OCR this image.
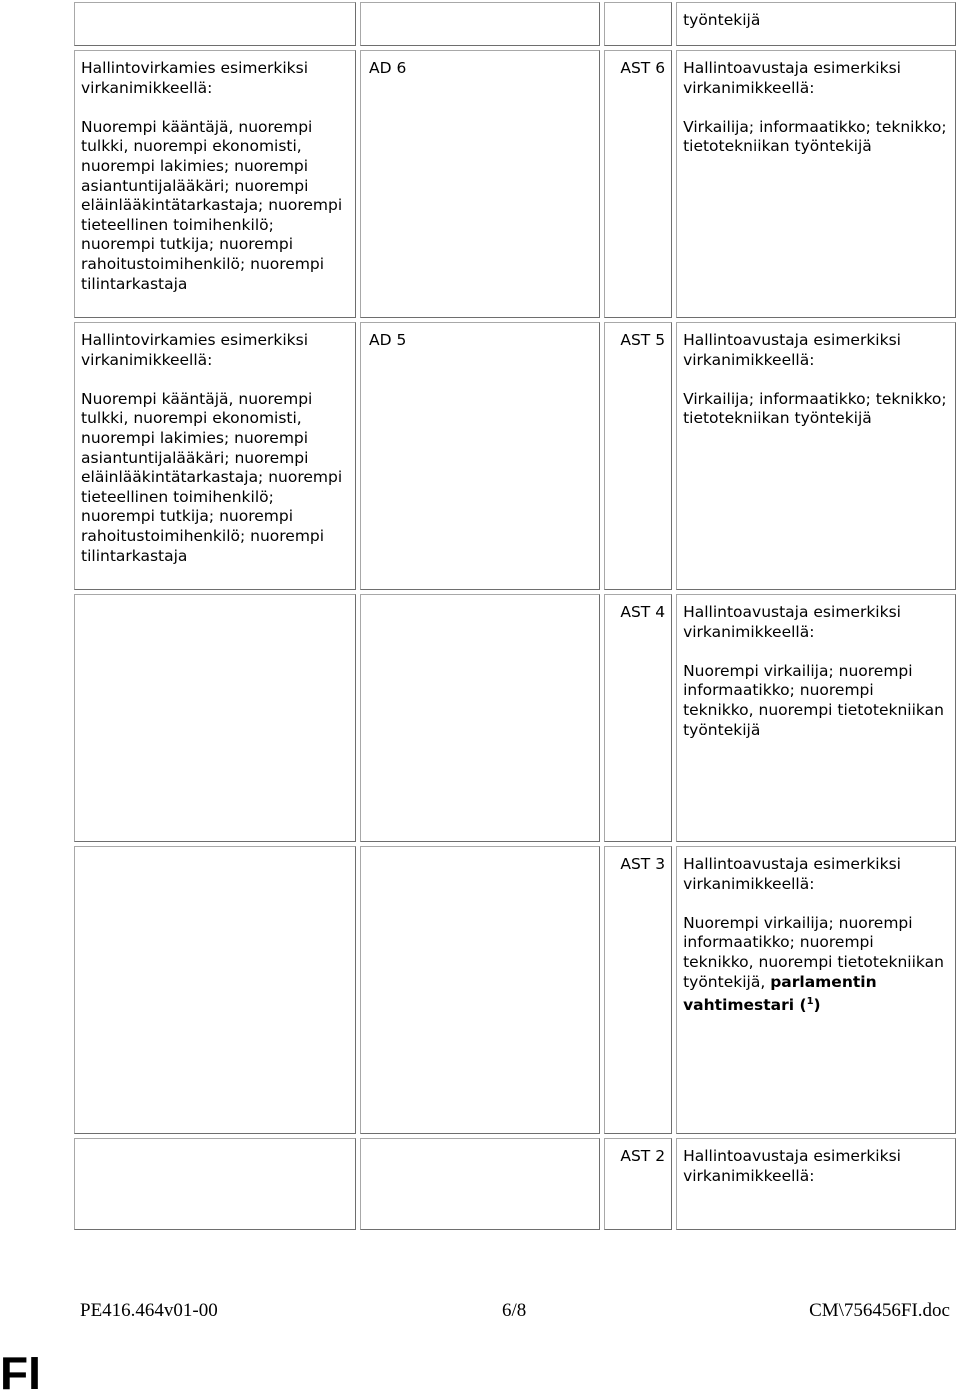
			työntekijä
Hallintovirkamies esimerkiksi virkanimikkeellä:
Nuorempi kääntäjä, nuorempi tulkki, nuorempi ekonomisti, nuorempi lakimies; nuorempi asiantuntijalääkäri; nuorempi eläinlääkintätarkastaja; nuorempi tieteellinen toimihenkilö; nuorempi tutkija; nuorempi rahoitustoimihenkilö; nuorempi tilintarkastaja	AD 6	AST 6	Hallintoavustaja esimerkiksi virkanimikkeellä:
Virkailija; informaatikko; teknikko; tietotekniikan työntekijä
Hallintovirkamies esimerkiksi virkanimikkeellä:
Nuorempi kääntäjä, nuorempi tulkki, nuorempi ekonomisti, nuorempi lakimies; nuorempi asiantuntijalääkäri; nuorempi eläinlääkintätarkastaja; nuorempi tieteellinen toimihenkilö; nuorempi tutkija; nuorempi rahoitustoimihenkilö; nuorempi tilintarkastaja	AD 5	AST 5	Hallintoavustaja esimerkiksi virkanimikkeellä:
Virkailija; informaatikko; teknikko; tietotekniikan työntekijä
		AST 4	Hallintoavustaja esimerkiksi virkanimikkeellä:
Nuorempi virkailija; nuorempi informaatikko; nuorempi teknikko, nuorempi tietotekniikan työntekijä
		AST 3	Hallintoavustaja esimerkiksi virkanimikkeellä:
Nuorempi virkailija; nuorempi informaatikko; nuorempi teknikko, nuorempi tietotekniikan työntekijä, parlamentin vahtimestari ($^1$)
		AST 2	Hallintoavustaja esimerkiksi virkanimikkeellä:
PE416.464v01-00	6/8	CM\756456FI.doc
FI
